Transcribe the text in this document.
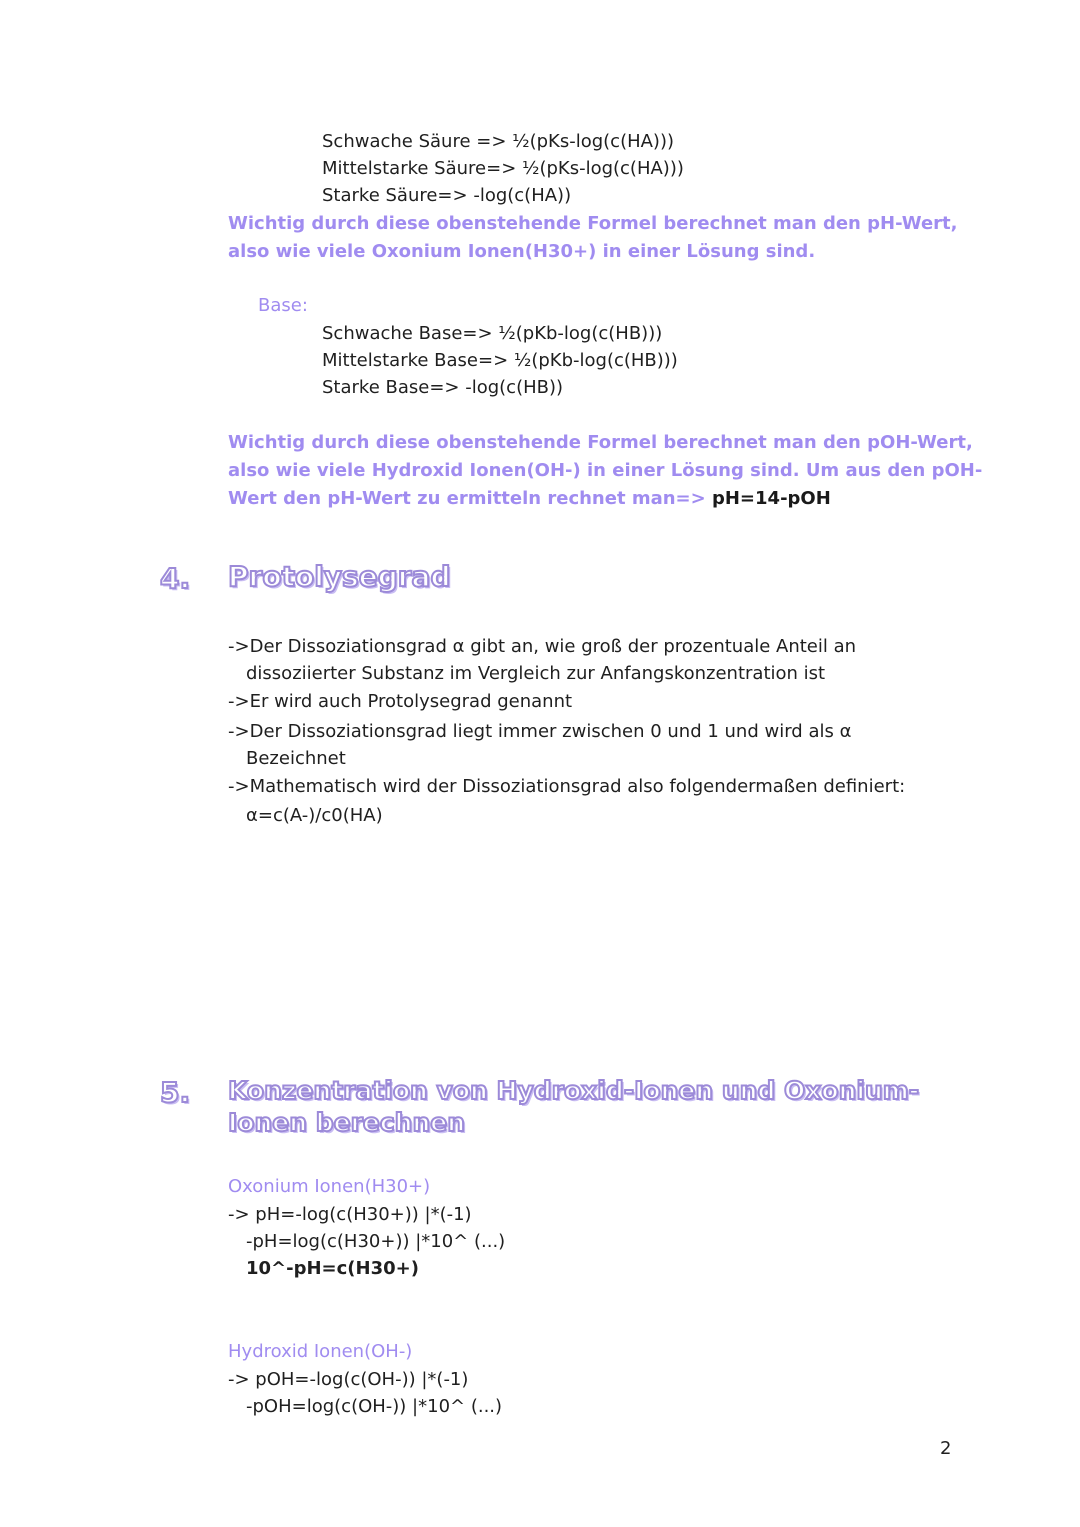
Schwache Säure => ½(pKs-log(c(HA)))
Mittelstarke Säure=> ½(pKs-log(c(HA)))
Starke Säure=> -log(c(HA))
Wichtig durch diese obenstehende Formel berechnet man den pH-Wert,
also wie viele Oxonium Ionen(H30+) in einer Lösung sind.
Base:
Schwache Base=> ½(pKb-log(c(HB)))
Mittelstarke Base=> ½(pKb-log(c(HB)))
Starke Base=> -log(c(HB))
Wichtig durch diese obenstehende Formel berechnet man den pOH-Wert,
also wie viele Hydroxid Ionen(OH-) in einer Lösung sind. Um aus den pOH-
Wert den pH-Wert zu ermitteln rechnet man=> pH=14-pOH
4. Protolysegrad
->Der Dissoziationsgrad α gibt an, wie groß der prozentuale Anteil an
dissoziierter Substanz im Vergleich zur Anfangskonzentration ist
->Er wird auch Protolysegrad genannt
->Der Dissoziationsgrad liegt immer zwischen 0 und 1 und wird als α
Bezeichnet
->Mathematisch wird der Dissoziationsgrad also folgendermaßen definiert:
α=c(A-)/c0(HA)
5. Konzentration von Hydroxid-Ionen und Oxonium-
Ionen berechnen
Oxonium Ionen(H30+)
-> pH=-log(c(H30+)) |*(-1)
-pH=log(c(H30+)) |*10^ (...)
10^-pH=c(H30+)
Hydroxid Ionen(OH-)
-> pOH=-log(c(OH-)) |*(-1)
-pOH=log(c(OH-)) |*10^ (...)
2
